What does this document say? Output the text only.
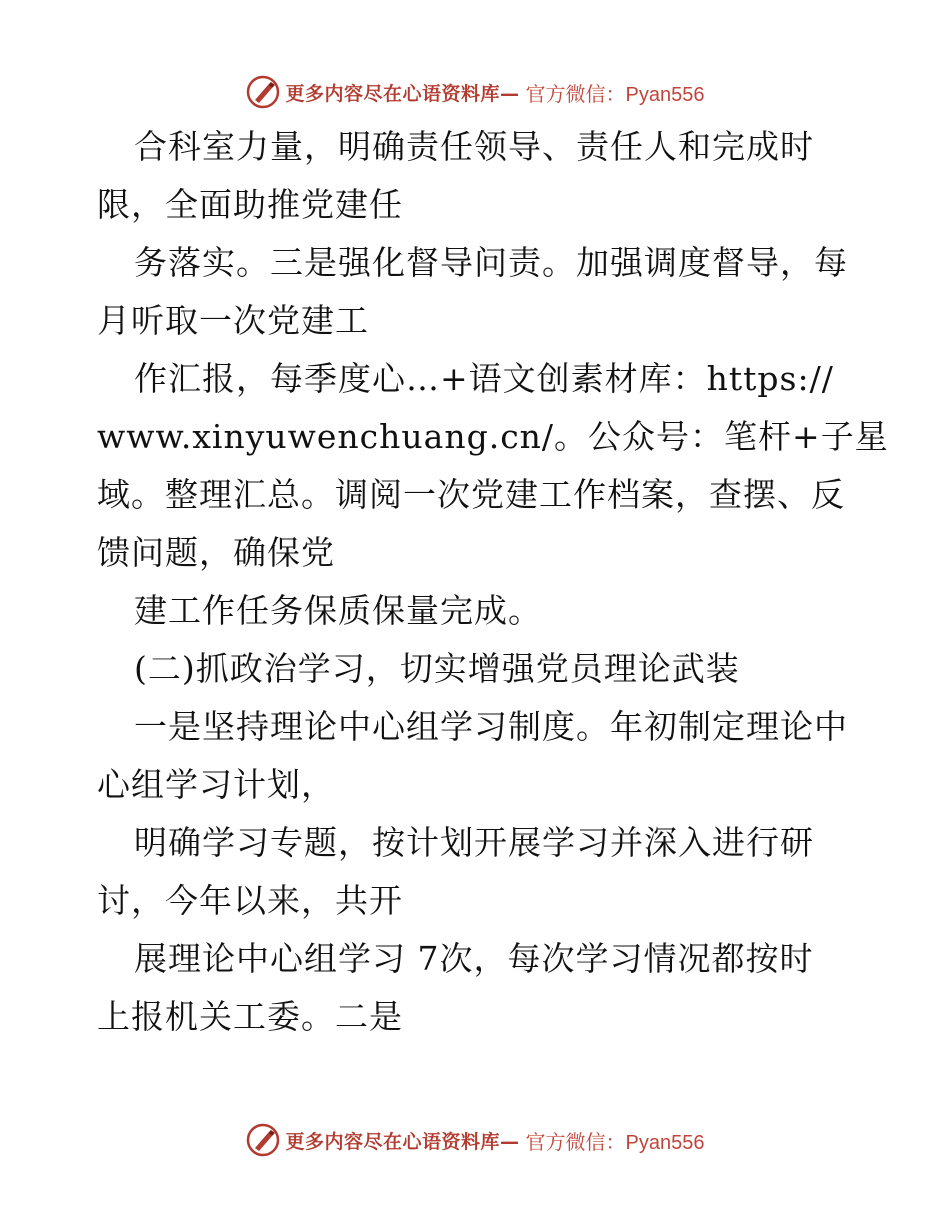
更多内容尽在心语资料库— 官方微信：Pyan556
合科室力量，明确责任领导、责任人和完成时
限，全面助推党建任
务落实。三是强化督导问责。加强调度督导，每
月听取一次党建工
作汇报，每季度心…+语文创素材库：https://
www.xinyuwenchuang.cn/。公众号：笔杆+子星
域。整理汇总。调阅一次党建工作档案，查摆、反
馈问题，确保党
建工作任务保质保量完成。
(二)抓政治学习，切实增强党员理论武装
一是坚持理论中心组学习制度。年初制定理论中
心组学习计划，
明确学习专题，按计划开展学习并深入进行研
讨，今年以来，共开
展理论中心组学习 7次，每次学习情况都按时
上报机关工委。二是
更多内容尽在心语资料库— 官方微信：Pyan556
